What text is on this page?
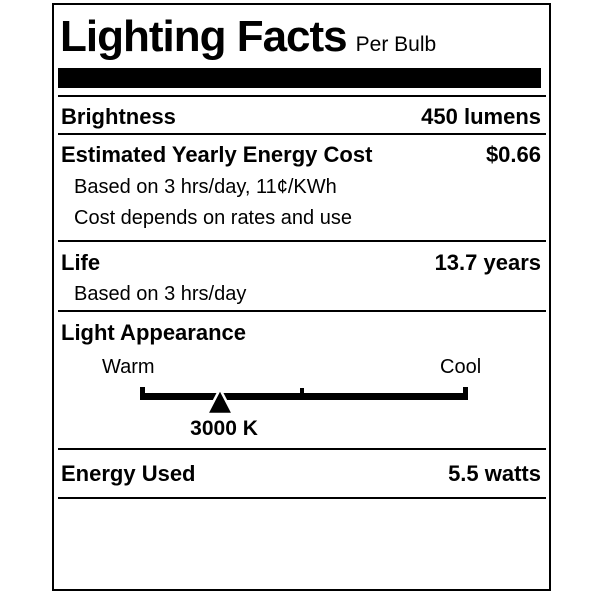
Lighting Facts Per Bulb
Brightness	450 lumens
Estimated Yearly Energy Cost	$0.66
Based on 3 hrs/day, 11¢/KWh
Cost depends on rates and use
Life	13.7 years
Based on 3 hrs/day
Light Appearance
Warm	Cool
3000 K
Energy Used	5.5 watts
